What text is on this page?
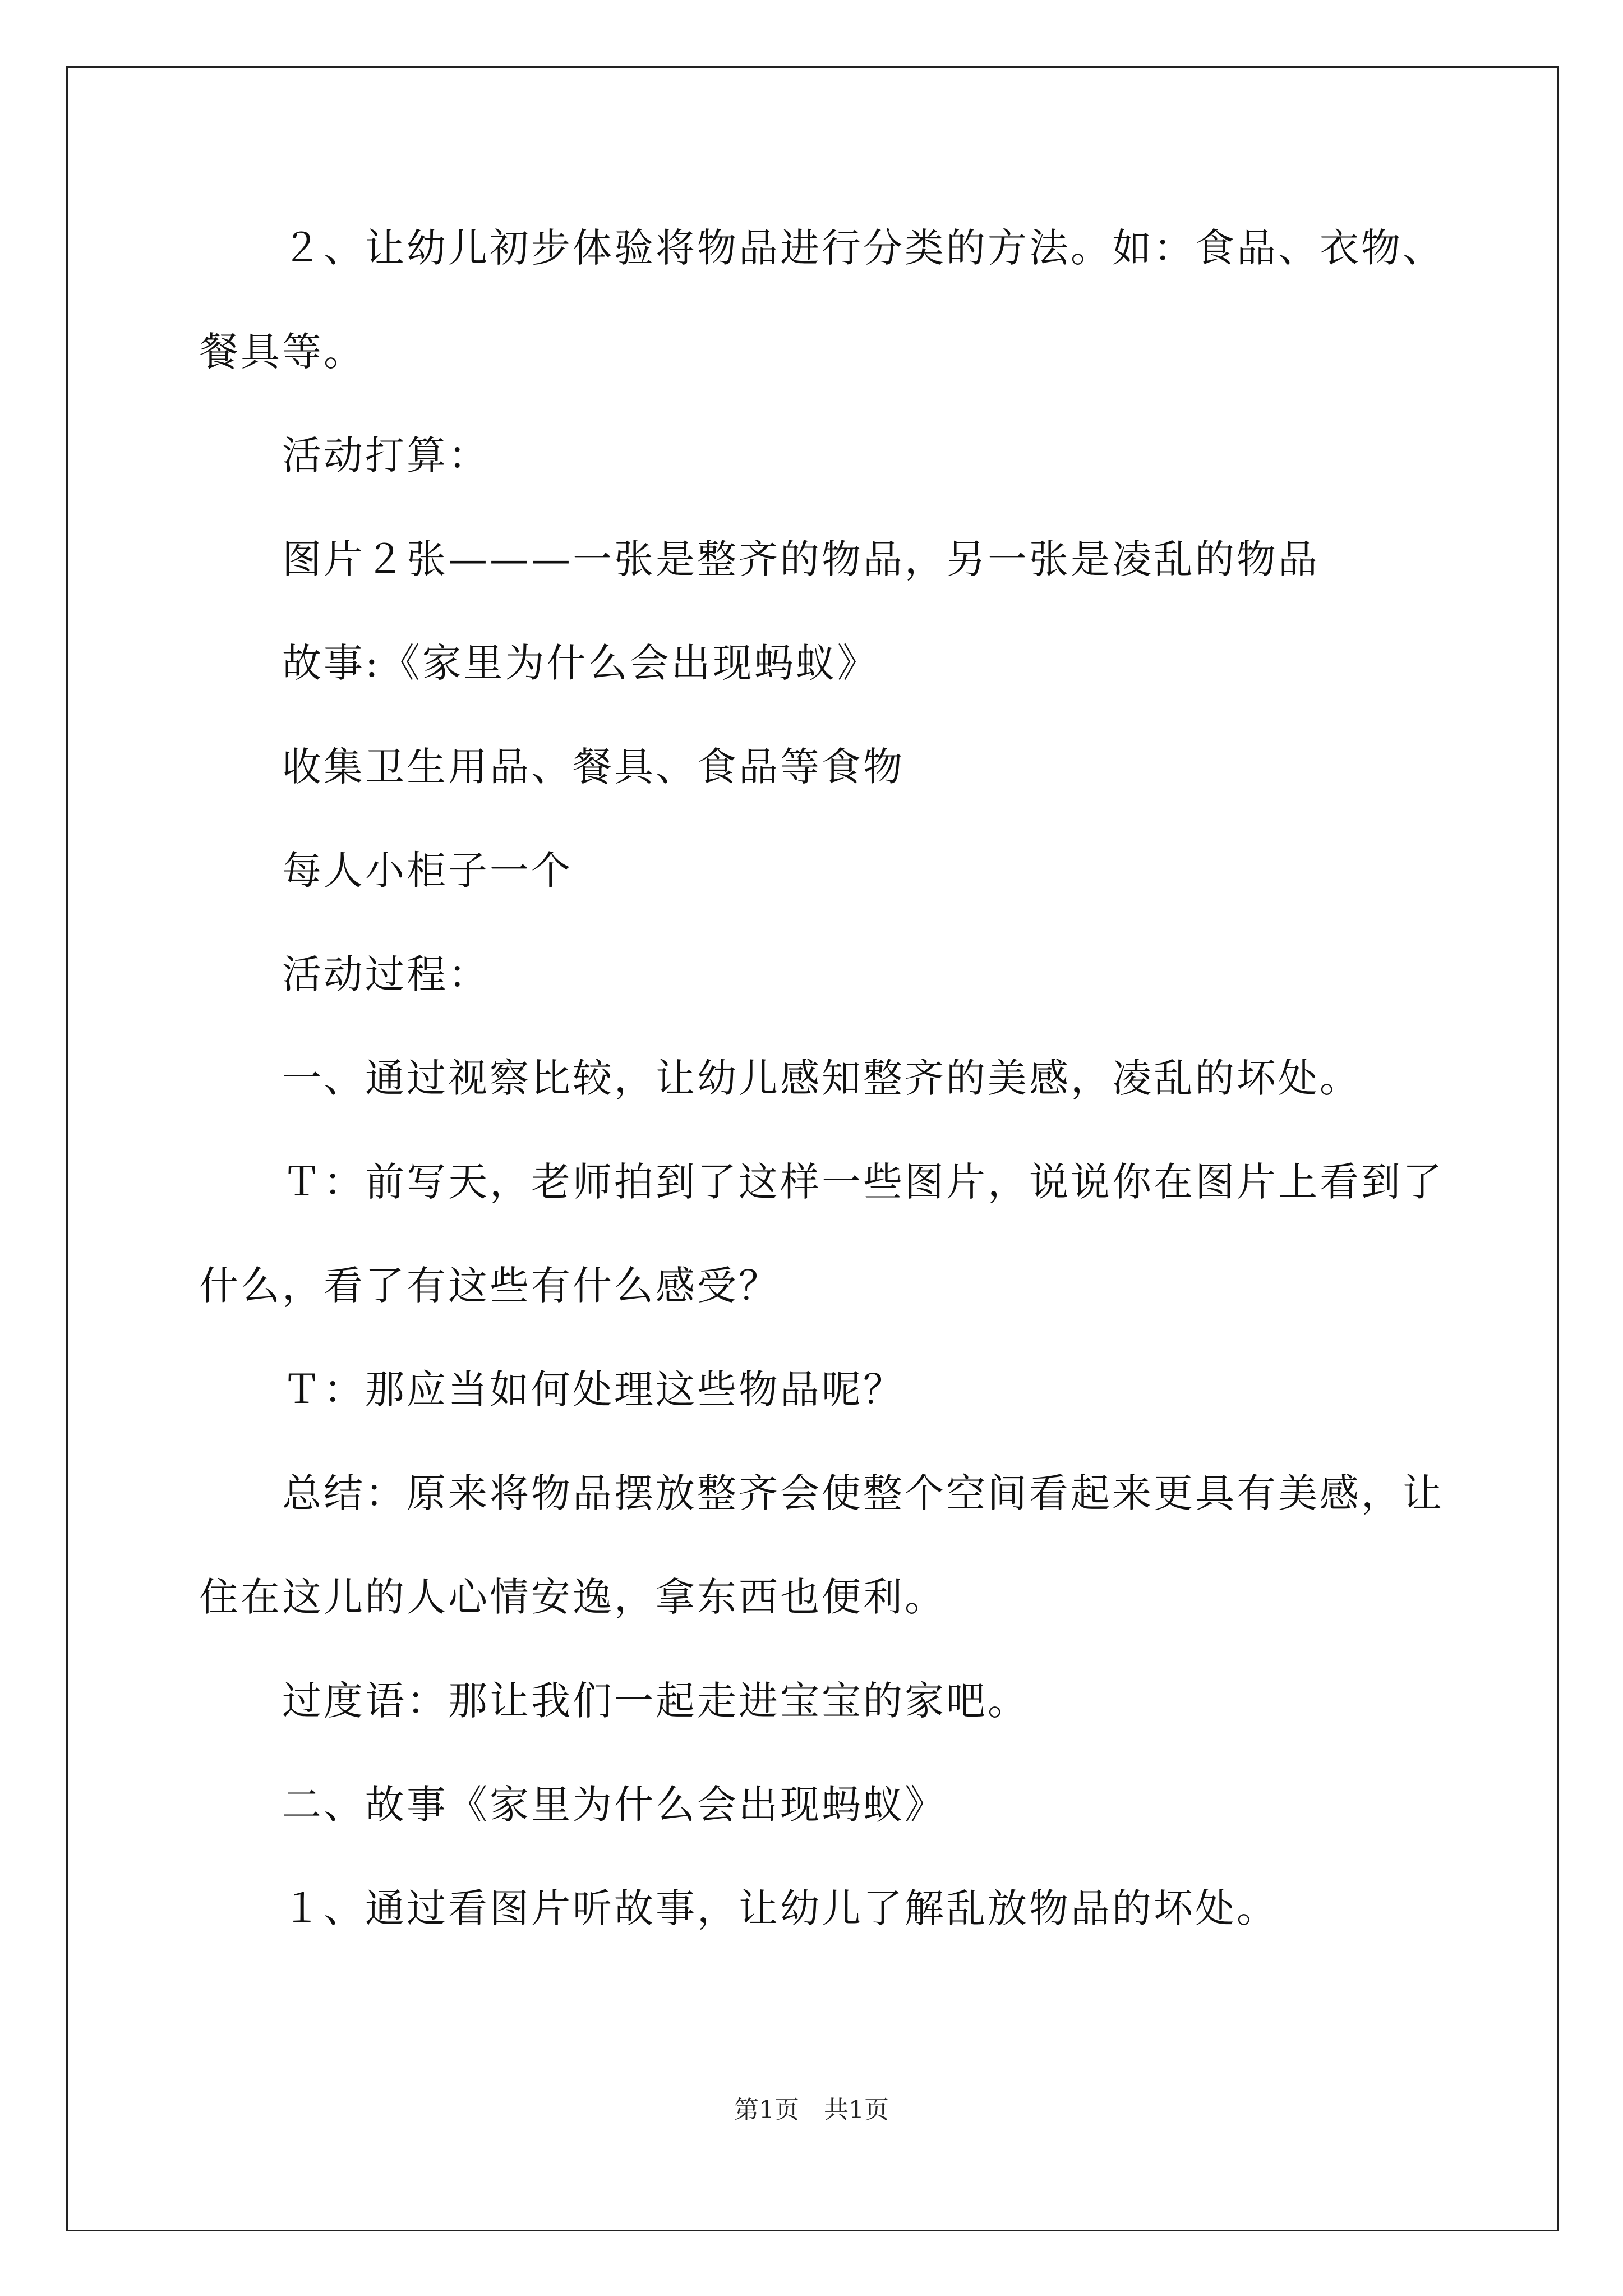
２、让幼儿初步体验将物品进行分类的方法。如：食品、衣物、餐具等。

活动打算：

图片２张———一张是整齐的物品，另一张是凌乱的物品

故事:《家里为什么会出现蚂蚁》

收集卫生用品、餐具、食品等食物

每人小柜子一个

活动过程：

一、通过视察比较，让幼儿感知整齐的美感，凌乱的坏处。

Ｔ：前写天，老师拍到了这样一些图片，说说你在图片上看到了什么，看了有这些有什么感受？

Ｔ：那应当如何处理这些物品呢？

总结：原来将物品摆放整齐会使整个空间看起来更具有美感，让住在这儿的人心情安逸，拿东西也便利。

过度语：那让我们一起走进宝宝的家吧。

二、故事《家里为什么会出现蚂蚁》

１、通过看图片听故事，让幼儿了解乱放物品的坏处。

第1页　共1页
